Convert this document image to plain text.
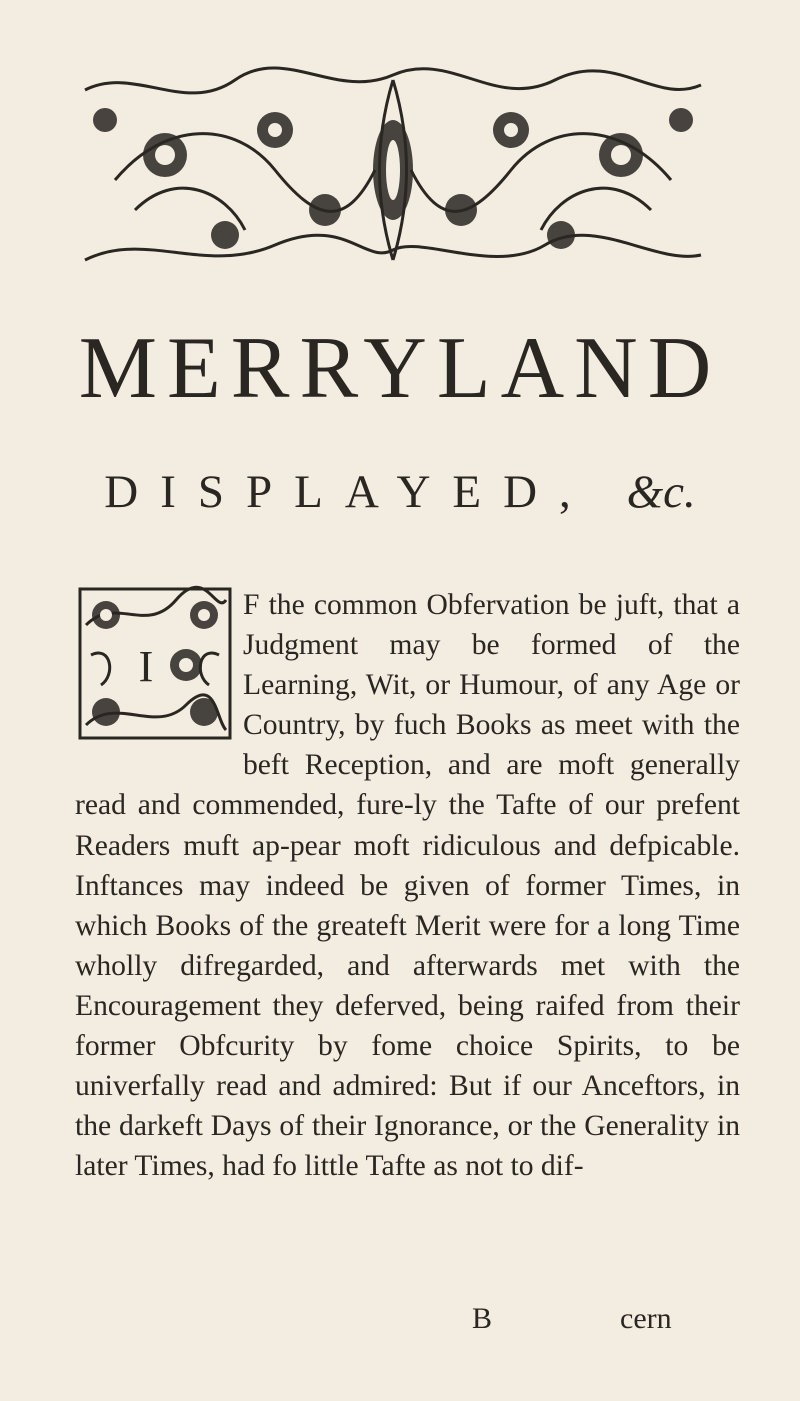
MERRYLAND
DISPLAYED, &c.

F the common Obfervation be juft, that a Judgment may be formed of the Learning, Wit, or Humour, of any Age or Country, by fuch Books as meet with the beft Reception, and are moft generally read and commended, fure-ly the Tafte of our prefent Readers muft ap-pear moft ridiculous and defpicable. Inftances may indeed be given of former Times, in which Books of the greateft Merit were for a long Time wholly difregarded, and afterwards met with the Encouragement they deferved, being raifed from their former Obfcurity by fome choice Spirits, to be univerfally read and admired: But if our Anceftors, in the darkeft Days of their Ignorance, or the Generality in later Times, had fo little Tafte as not to dif-

I
B	cern
